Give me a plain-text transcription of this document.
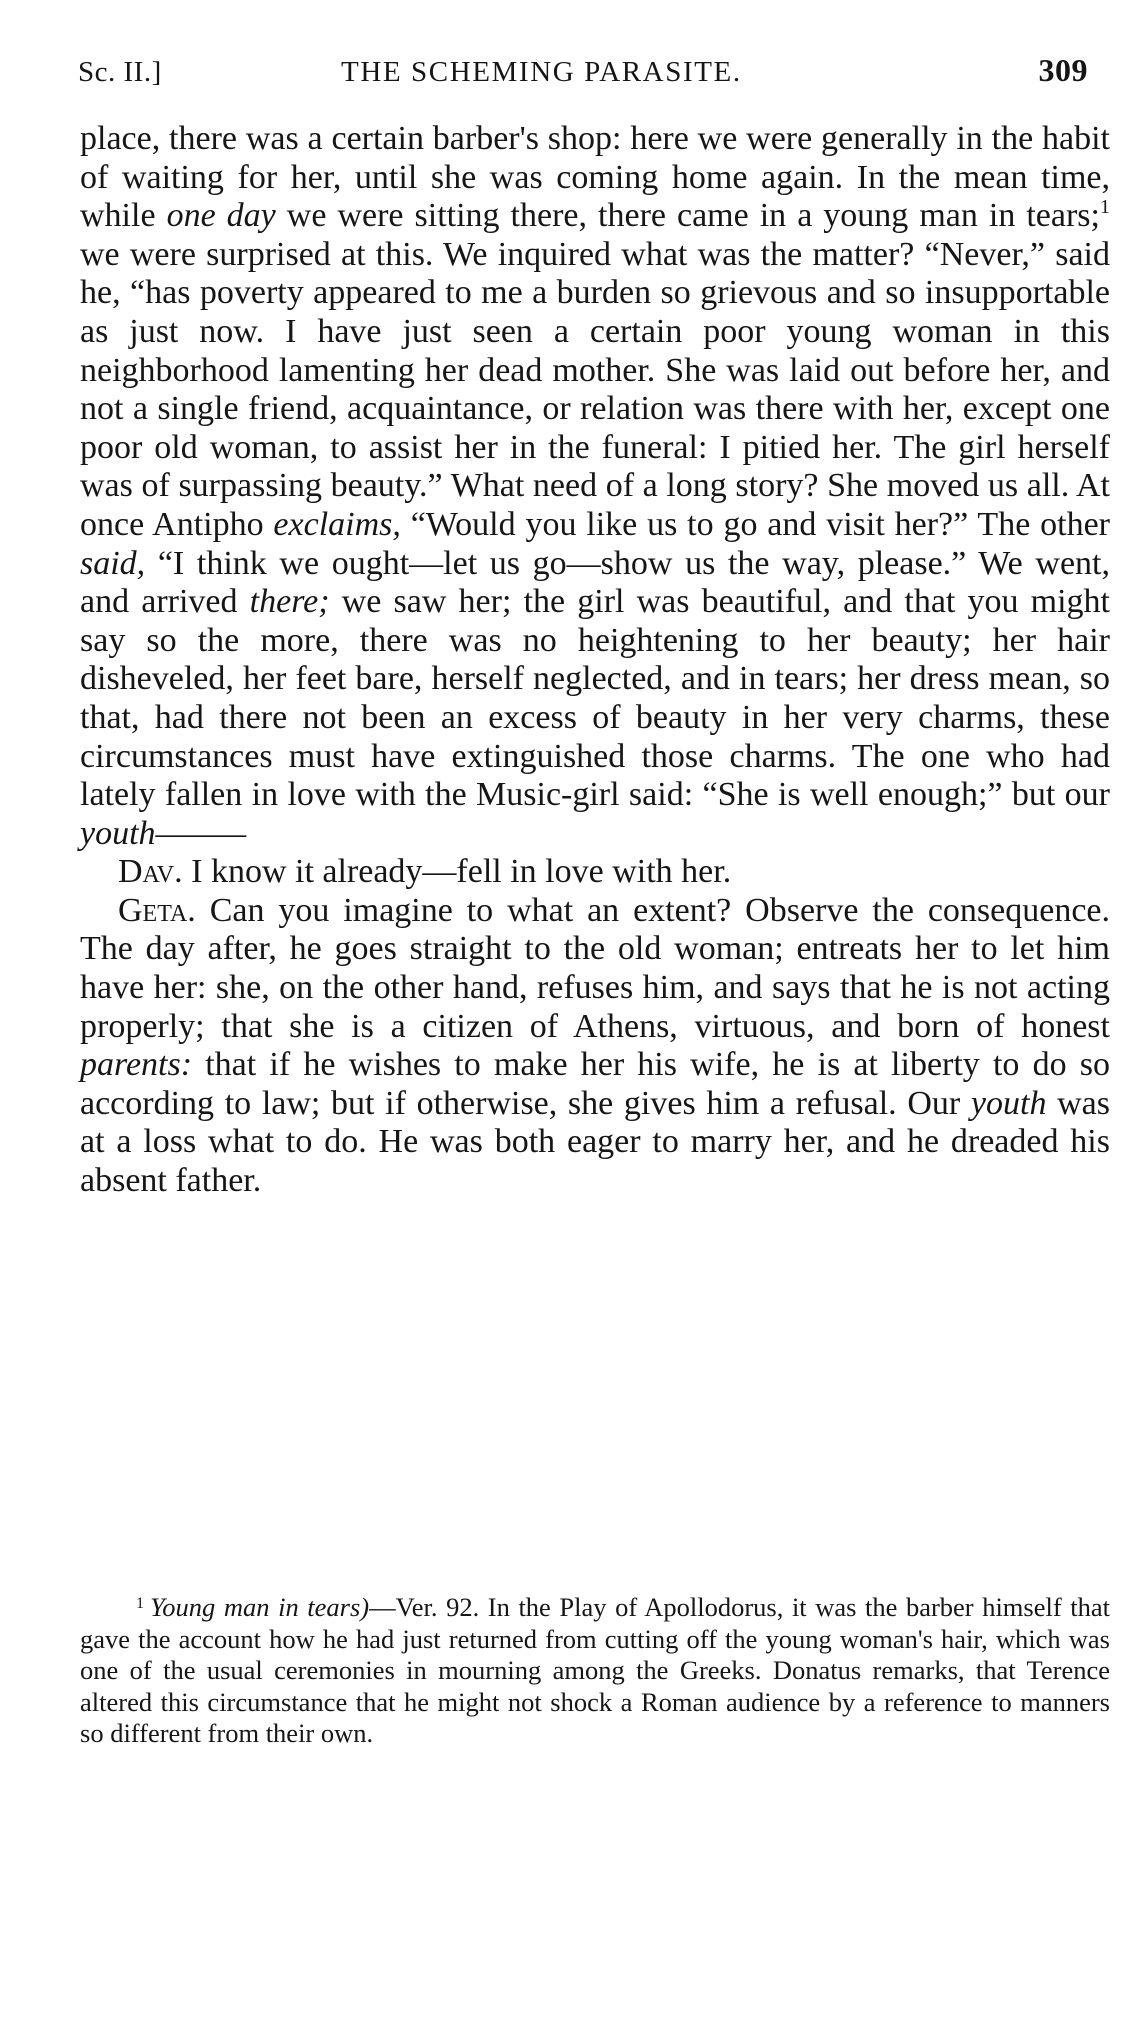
Sc. II.]	THE SCHEMING PARASITE.	309

place, there was a certain barber's shop: here we were generally in the habit of waiting for her, until she was coming home again. In the mean time, while one day we were sitting there, there came in a young man in tears;$^1$ we were surprised at this. We inquired what was the matter? “Never,” said he, “has poverty appeared to me a burden so grievous and so insupportable as just now. I have just seen a certain poor young woman in this neighborhood lamenting her dead mother. She was laid out before her, and not a single friend, acquaintance, or relation was there with her, except one poor old woman, to assist her in the funeral: I pitied her. The girl herself was of surpassing beauty.” What need of a long story? She moved us all. At once Antipho exclaims, “Would you like us to go and visit her?” The other said, “I think we ought—let us go—show us the way, please.” We went, and arrived there; we saw her; the girl was beautiful, and that you might say so the more, there was no heightening to her beauty; her hair disheveled, her feet bare, herself neglected, and in tears; her dress mean, so that, had there not been an excess of beauty in her very charms, these circumstances must have extinguished those charms. The one who had lately fallen in love with the Music-girl said: “She is well enough;” but our youth———

Dav. I know it already—fell in love with her.

Geta. Can you imagine to what an extent? Observe the consequence. The day after, he goes straight to the old woman; entreats her to let him have her: she, on the other hand, refuses him, and says that he is not acting properly; that she is a citizen of Athens, virtuous, and born of honest parents: that if he wishes to make her his wife, he is at liberty to do so according to law; but if otherwise, she gives him a refusal. Our youth was at a loss what to do. He was both eager to marry her, and he dreaded his absent father.

$^1$ Young man in tears)—Ver. 92. In the Play of Apollodorus, it was the barber himself that gave the account how he had just returned from cutting off the young woman's hair, which was one of the usual ceremonies in mourning among the Greeks. Donatus remarks, that Terence altered this circumstance that he might not shock a Roman audience by a reference to manners so different from their own.
